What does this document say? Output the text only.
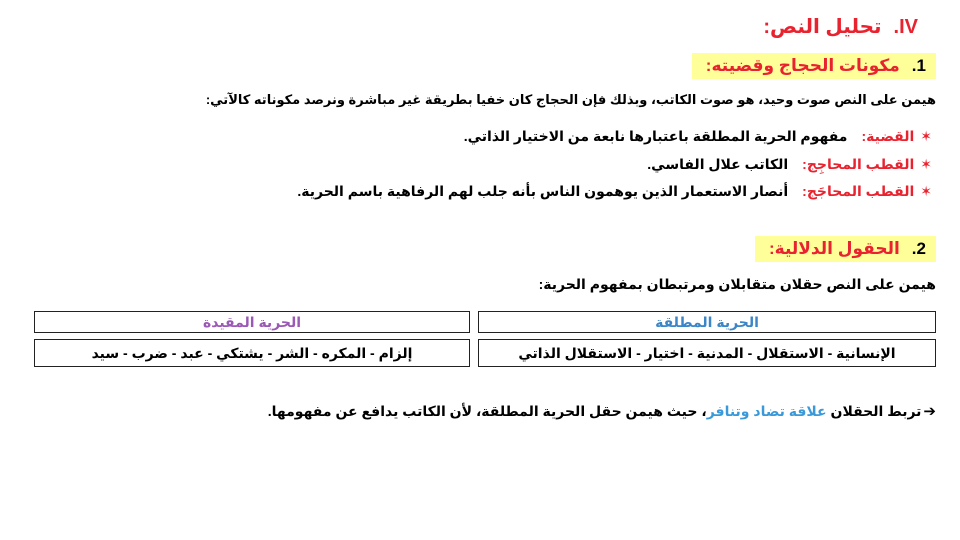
IV.تحليل النص:
1.مكونات الحجاج وقضيته:
هيمن على النص صوت وحيد، هو صوت الكاتب، وبذلك فإن الحجاج كان خفيا بطريقة غير مباشرة ونرصد مكوناته كالآتي:
✶القضية:مفهوم الحرية المطلقة باعتبارها نابعة من الاختيار الذاتي.
✶القطب المحاجِج:الكاتب علال الفاسي.
✶القطب المحاجَج:أنصار الاستعمار الذين يوهمون الناس بأنه جلب لهم الرفاهية باسم الحرية.
2.الحقول الدلالية:
هيمن على النص حقلان متقابلان ومرتبطان بمفهوم الحرية:
الحرية المطلقة	الحرية المقيدة
الإنسانية - الاستقلال - المدنية - اختيار - الاستقلال الذاتي	إلزام - المكره - الشر - يشتكي - عبد - ضرب - سيد
➔تربط الحقلان علاقة تضاد وتنافر، حيث هيمن حقل الحرية المطلقة، لأن الكاتب يدافع عن مفهومها.
